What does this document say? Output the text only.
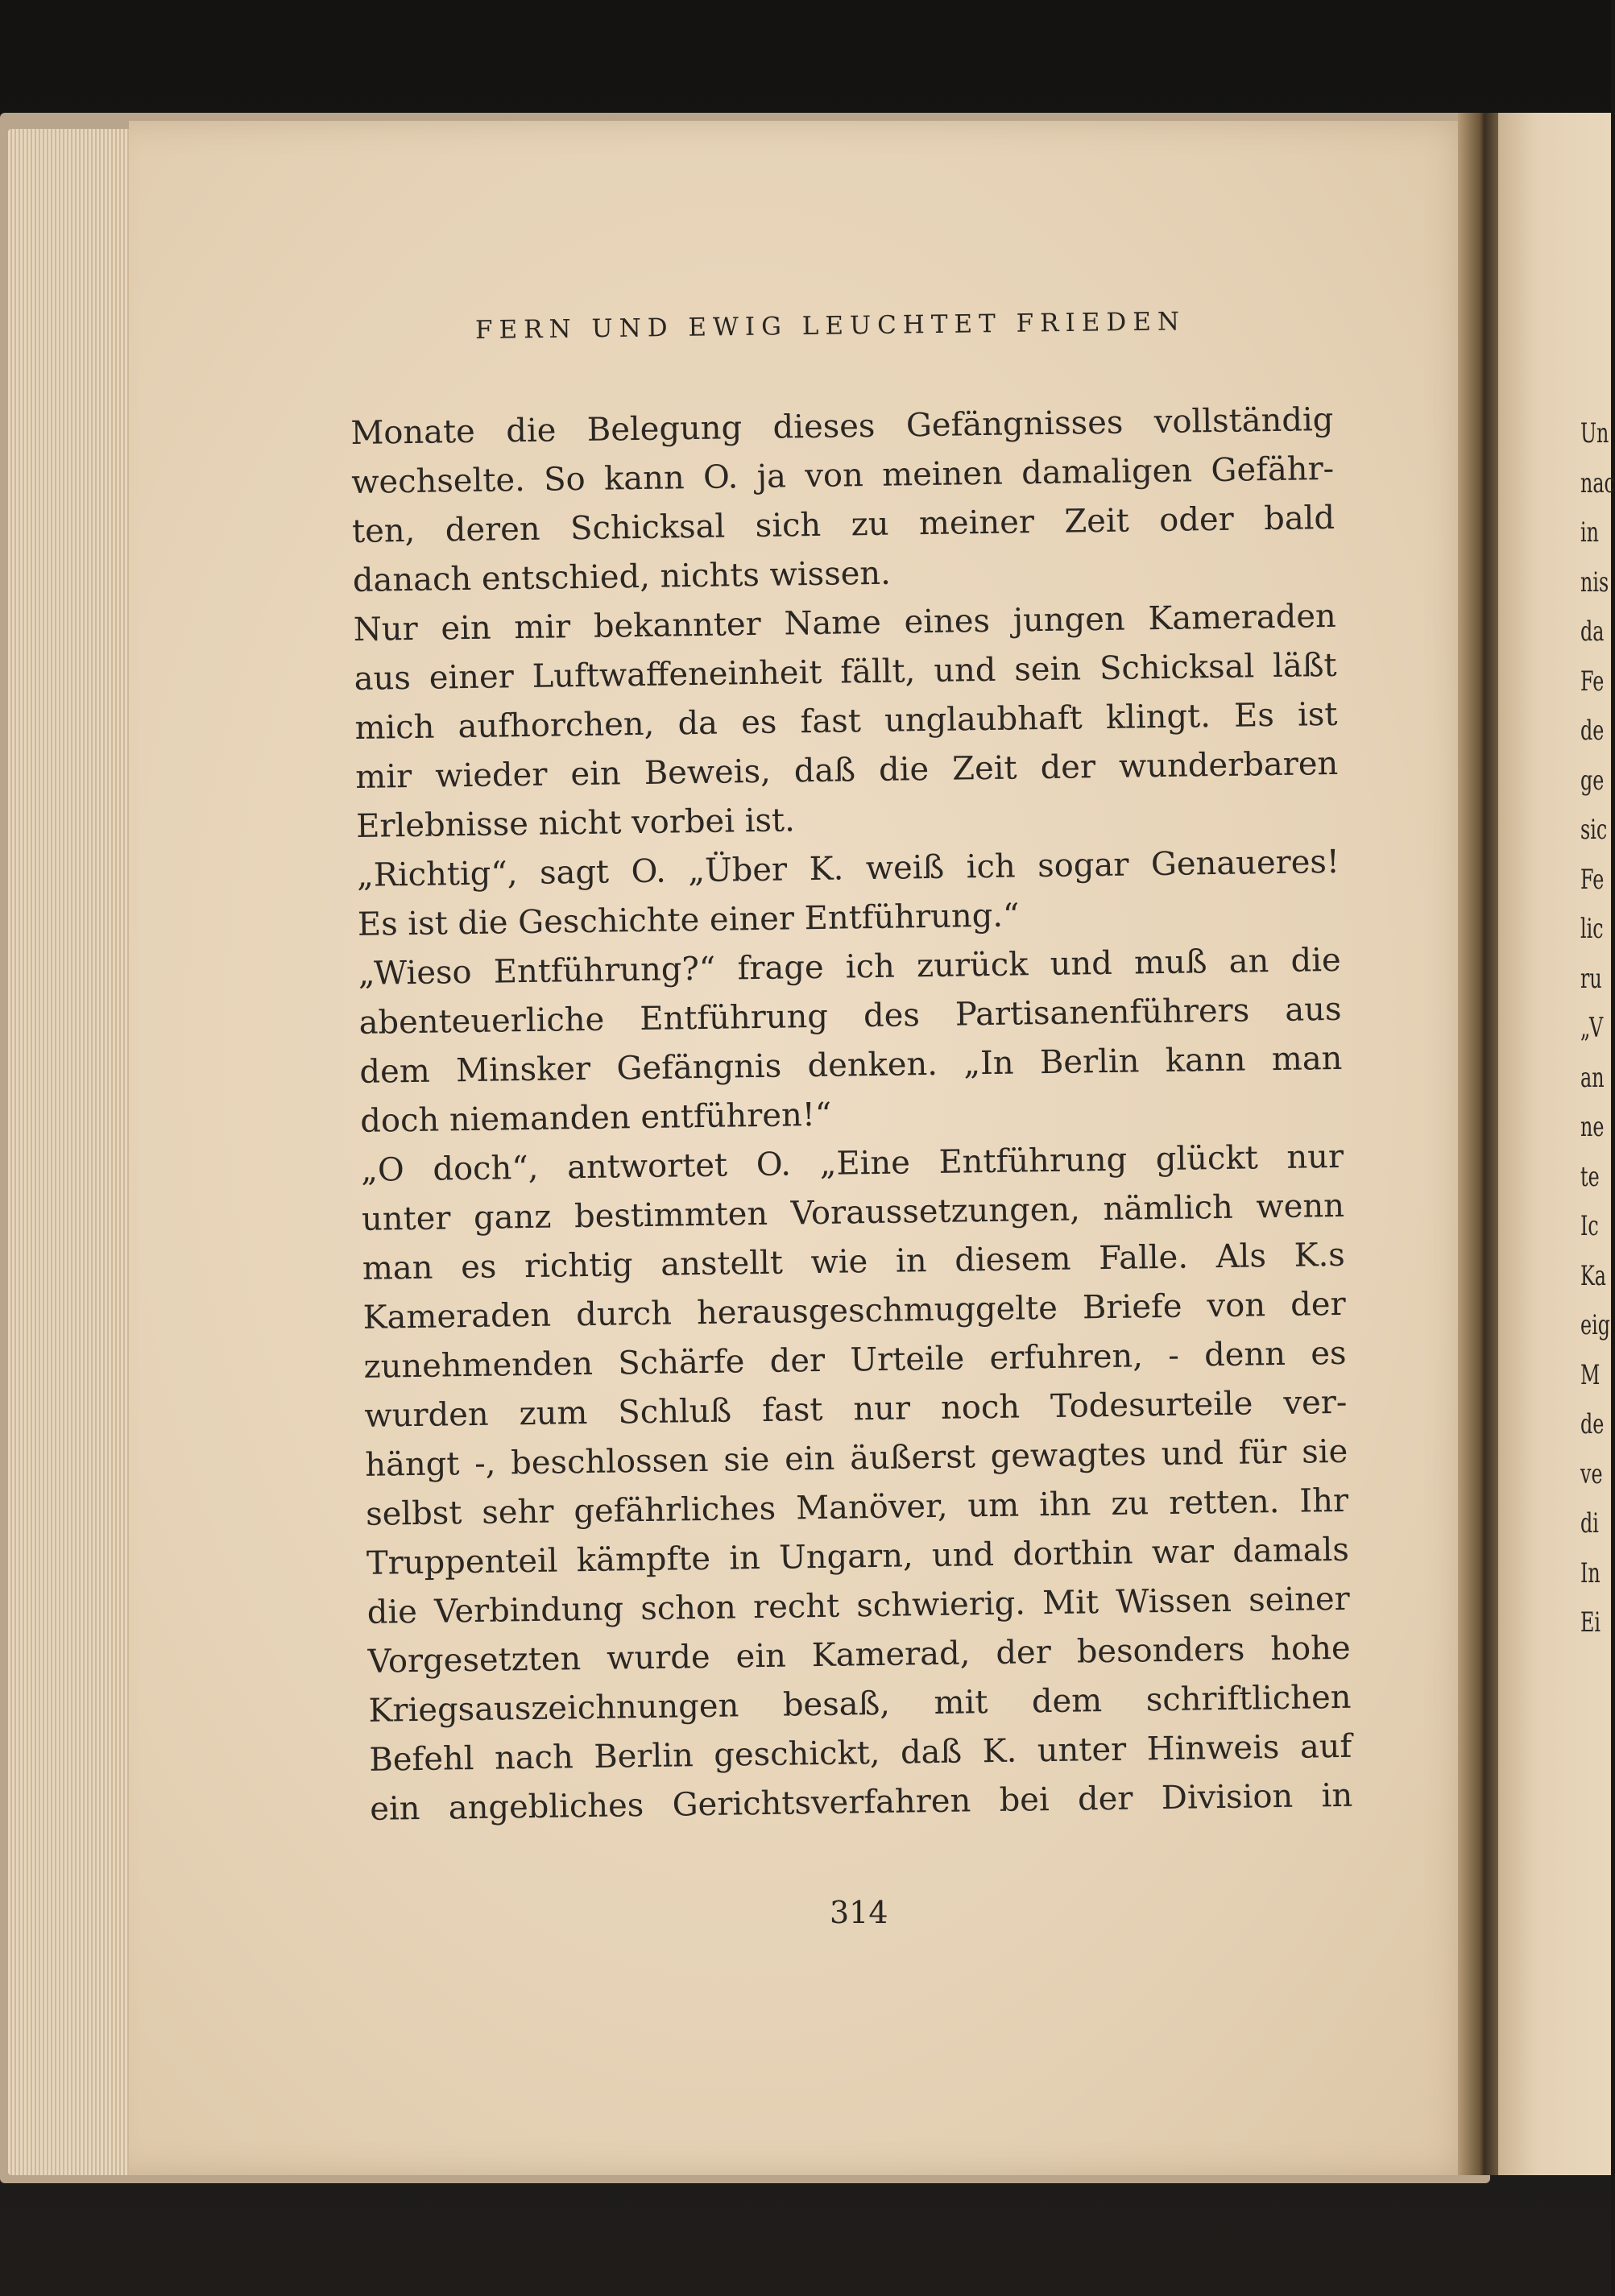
FERN UND EWIG LEUCHTET FRIEDEN
Monate die Belegung dieses Gefängnisses vollständig
wechselte. So kann O. ja von meinen damaligen Gefähr-
ten, deren Schicksal sich zu meiner Zeit oder bald
danach entschied, nichts wissen.
Nur ein mir bekannter Name eines jungen Kameraden
aus einer Luftwaffeneinheit fällt, und sein Schicksal läßt
mich aufhorchen, da es fast unglaubhaft klingt. Es ist
mir wieder ein Beweis, daß die Zeit der wunderbaren
Erlebnisse nicht vorbei ist.
„Richtig“, sagt O. „Über K. weiß ich sogar Genaueres!
Es ist die Geschichte einer Entführung.“
„Wieso Entführung?“ frage ich zurück und muß an die
abenteuerliche Entführung des Partisanenführers aus
dem Minsker Gefängnis denken. „In Berlin kann man
doch niemanden entführen!“
„O doch“, antwortet O. „Eine Entführung glückt nur
unter ganz bestimmten Voraussetzungen, nämlich wenn
man es richtig anstellt wie in diesem Falle. Als K.s
Kameraden durch herausgeschmuggelte Briefe von der
zunehmenden Schärfe der Urteile erfuhren, - denn es
wurden zum Schluß fast nur noch Todesurteile ver-
hängt -, beschlossen sie ein äußerst gewagtes und für sie
selbst sehr gefährliches Manöver, um ihn zu retten. Ihr
Truppenteil kämpfte in Ungarn, und dorthin war damals
die Verbindung schon recht schwierig. Mit Wissen seiner
Vorgesetzten wurde ein Kamerad, der besonders hohe
Kriegsauszeichnungen besaß, mit dem schriftlichen
Befehl nach Berlin geschickt, daß K. unter Hinweis auf
ein angebliches Gerichtsverfahren bei der Division in
314
Un
nac
in
nis
da
Fe
de
ge
sic
Fe
lic
ru
„V
an
ne
te
Ic
Ka
eig
M
de
ve
di
In
Ei
